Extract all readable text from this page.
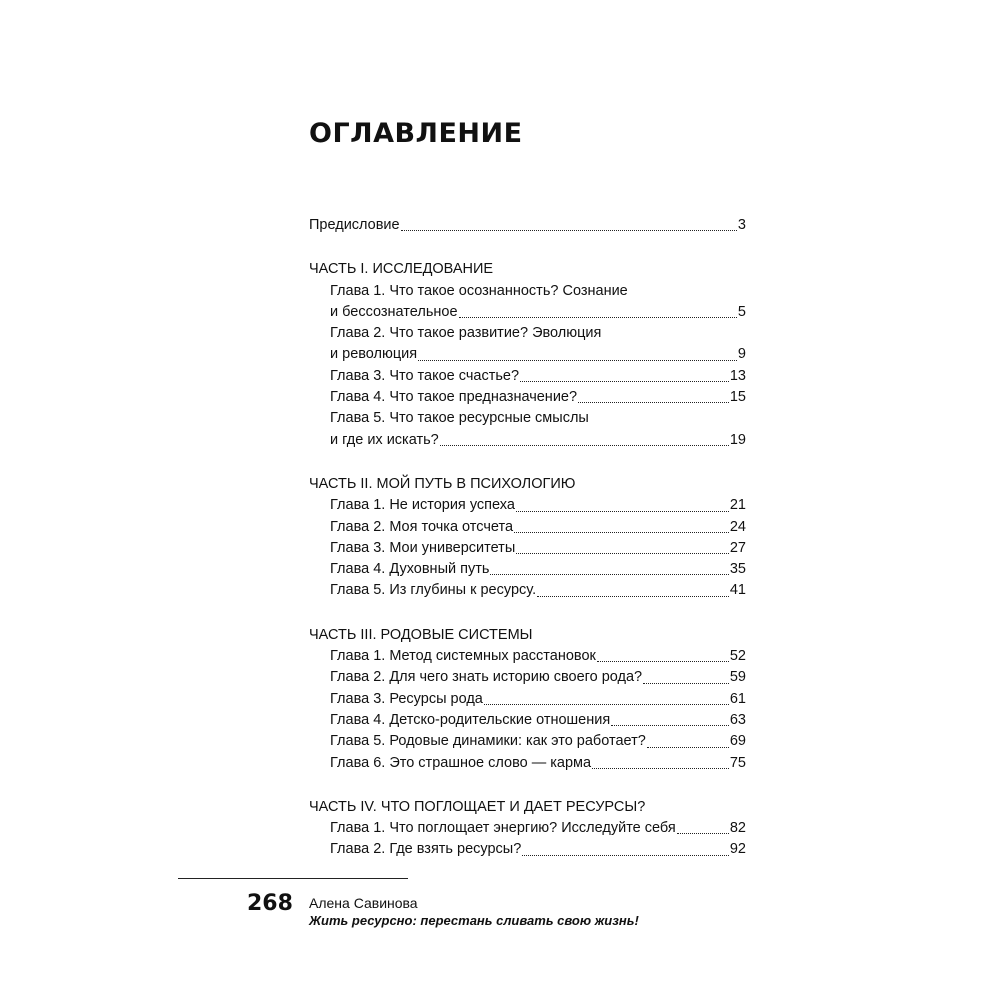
ОГЛАВЛЕНИЕ
Предисловие	3
ЧАСТЬ I. ИССЛЕДОВАНИЕ
Глава 1. Что такое осознанность? Сознание
и бессознательное	5
Глава 2. Что такое развитие? Эволюция
и революция	9
Глава 3. Что такое счастье?	13
Глава 4. Что такое предназначение?	15
Глава 5. Что такое ресурсные смыслы
и где их искать?	19
ЧАСТЬ II. МОЙ ПУТЬ В ПСИХОЛОГИЮ
Глава 1. Не история успеха	21
Глава 2. Моя точка отсчета	24
Глава 3. Мои университеты	27
Глава 4. Духовный путь	35
Глава 5. Из глубины к ресурсу.	41
ЧАСТЬ III. РОДОВЫЕ СИСТЕМЫ
Глава 1. Метод системных расстановок	52
Глава 2. Для чего знать историю своего рода?	59
Глава 3. Ресурсы рода	61
Глава 4. Детско-родительские отношения	63
Глава 5. Родовые динамики: как это работает?	69
Глава 6. Это страшное слово — карма	75
ЧАСТЬ IV. ЧТО ПОГЛОЩАЕТ И ДАЕТ РЕСУРСЫ?
Глава 1. Что поглощает энергию? Исследуйте себя	82
Глава 2. Где взять ресурсы?	92
268 Алена Савинова
Жить ресурсно: перестань сливать свою жизнь!
